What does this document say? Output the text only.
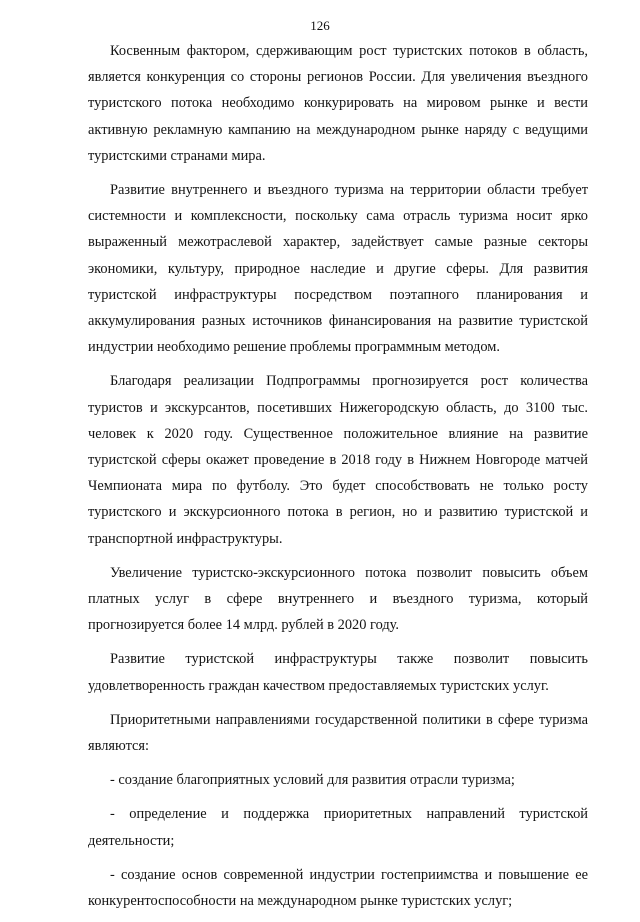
126

Косвенным фактором, сдерживающим рост туристских потоков в область, является конкуренция со стороны регионов России. Для увеличения въездного туристского потока необходимо конкурировать на мировом рынке и вести активную рекламную кампанию на международном рынке наряду с ведущими туристскими странами мира.

Развитие внутреннего и въездного туризма на территории области требует системности и комплексности, поскольку сама отрасль туризма носит ярко выраженный межотраслевой характер, задействует самые разные секторы экономики, культуру, природное наследие и другие сферы. Для развития туристской инфраструктуры посредством поэтапного планирования и аккумулирования разных источников финансирования на развитие туристской индустрии необходимо решение проблемы программным методом.

Благодаря реализации Подпрограммы прогнозируется рост количества туристов и экскурсантов, посетивших Нижегородскую область, до 3100 тыс. человек к 2020 году. Существенное положительное влияние на развитие туристской сферы окажет проведение в 2018 году в Нижнем Новгороде матчей Чемпионата мира по футболу. Это будет способствовать не только росту туристского и экскурсионного потока в регион, но и развитию туристской и транспортной инфраструктуры.

Увеличение туристско-экскурсионного потока позволит повысить объем платных услуг в сфере внутреннего и въездного туризма, который прогнозируется более 14 млрд. рублей в 2020 году.

Развитие туристской инфраструктуры также позволит повысить удовлетворенность граждан качеством предоставляемых туристских услуг.

Приоритетными направлениями государственной политики в сфере туризма являются:

- создание благоприятных условий для развития отрасли туризма;

- определение и поддержка приоритетных направлений туристской деятельности;

- создание основ современной индустрии гостеприимства и повышение ее конкурентоспособности на международном рынке туристских услуг;
